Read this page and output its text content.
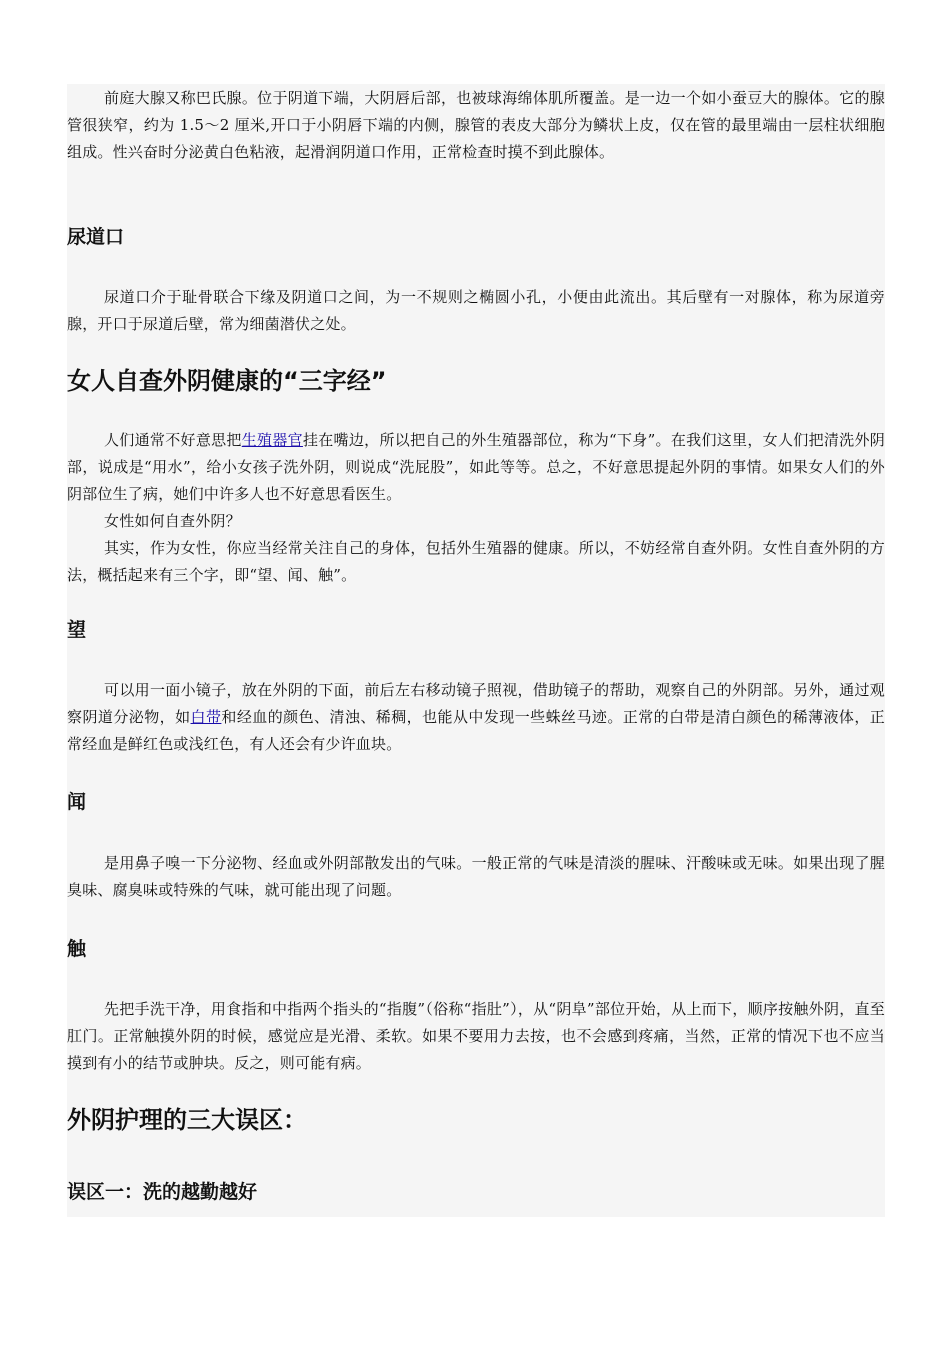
前庭大腺又称巴氏腺。位于阴道下端，大阴唇后部，也被球海绵体肌所覆盖。是一边一个如小蚕豆大的腺体。它的腺管很狭窄，约为 1.5～2 厘米,开口于小阴唇下端的内侧，腺管的表皮大部分为鳞状上皮，仅在管的最里端由一层柱状细胞组成。性兴奋时分泌黄白色粘液，起滑润阴道口作用，正常检查时摸不到此腺体。

尿道口

尿道口介于耻骨联合下缘及阴道口之间，为一不规则之椭圆小孔，小便由此流出。其后壁有一对腺体，称为尿道旁腺，开口于尿道后壁，常为细菌潜伏之处。

女人自查外阴健康的“三字经”

人们通常不好意思把生殖器官挂在嘴边，所以把自己的外生殖器部位，称为“下身”。在我们这里，女人们把清洗外阴部，说成是“用水”，给小女孩子洗外阴，则说成“洗屁股”，如此等等。总之，不好意思提起外阴的事情。如果女人们的外阴部位生了病，她们中许多人也不好意思看医生。

女性如何自查外阴？

其实，作为女性，你应当经常关注自己的身体，包括外生殖器的健康。所以，不妨经常自查外阴。女性自查外阴的方法，概括起来有三个字，即“望、闻、触”。

望

可以用一面小镜子，放在外阴的下面，前后左右移动镜子照视，借助镜子的帮助，观察自己的外阴部。另外，通过观察阴道分泌物，如白带和经血的颜色、清浊、稀稠，也能从中发现一些蛛丝马迹。正常的白带是清白颜色的稀薄液体，正常经血是鲜红色或浅红色，有人还会有少许血块。

闻

是用鼻子嗅一下分泌物、经血或外阴部散发出的气味。一般正常的气味是清淡的腥味、汗酸味或无味。如果出现了腥臭味、腐臭味或特殊的气味，就可能出现了问题。

触

先把手洗干净，用食指和中指两个指头的“指腹”（俗称“指肚”），从“阴阜”部位开始，从上而下，顺序按触外阴，直至肛门。正常触摸外阴的时候，感觉应是光滑、柔软。如果不要用力去按，也不会感到疼痛，当然，正常的情况下也不应当摸到有小的结节或肿块。反之，则可能有病。

外阴护理的三大误区：
误区一：洗的越勤越好
